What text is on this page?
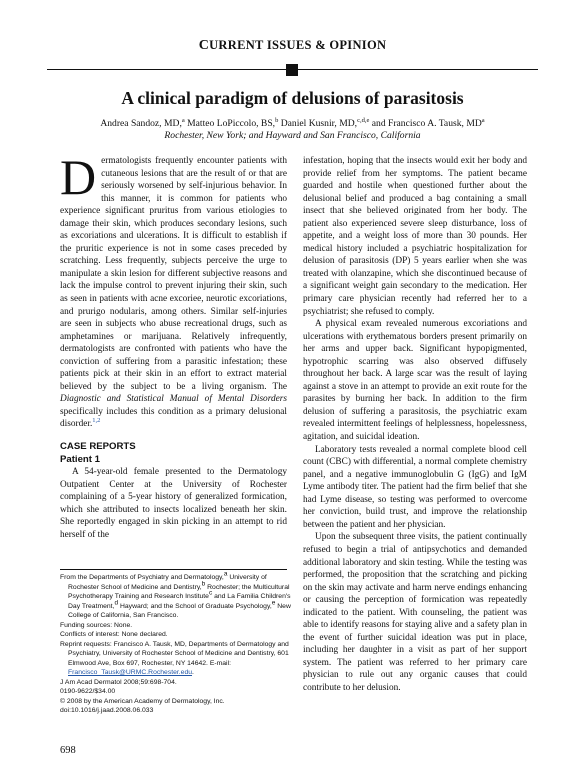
CURRENT ISSUES & OPINION
A clinical paradigm of delusions of parasitosis
Andrea Sandoz, MD,$^a$ Matteo LoPiccolo, BS,$^b$ Daniel Kusnir, MD,$^{c,d,e}$ and Francisco A. Tausk, $MD^a$
Rochester, New York; and Hayward and San Francisco, California

Dermatologists frequently encounter patients with cutaneous lesions that are the result of or that are seriously worsened by self-injurious behavior. In this manner, it is common for patients who experience significant pruritus from various etiologies to damage their skin, which produces secondary lesions, such as excoriations and ulcerations. It is difficult to establish if the pruritic experience is not in some cases preceded by scratching. Less frequently, subjects perceive the urge to manipulate a skin lesion for different subjective reasons and lack the impulse control to prevent injuring their skin, such as seen in patients with acne excoriee, neurotic excoriations, and prurigo nodularis, among others. Similar self-injuries are seen in subjects who abuse recreational drugs, such as amphetamines or marijuana. Relatively infrequently, dermatologists are confronted with patients who have the conviction of suffering from a parasitic infestation; these patients pick at their skin in an effort to extract material believed by the subject to be a living organism. The Diagnostic and Statistical Manual of Mental Disorders specifically includes this condition as a primary delusional disorder.$^{1,2}$

CASE REPORTS

Patient 1

A 54-year-old female presented to the Dermatology Outpatient Center at the University of Rochester complaining of a 5-year history of generalized formication, which she attributed to insects localized beneath her skin. She reportedly engaged in skin picking in an attempt to rid herself of the

infestation, hoping that the insects would exit her body and provide relief from her symptoms. The patient became guarded and hostile when questioned further about the delusional belief and produced a bag containing a small insect that she believed originated from her body. The patient also experienced severe sleep disturbance, loss of appetite, and a weight loss of more than 30 pounds. Her medical history included a psychiatric hospitalization for delusion of parasitosis (DP) 5 years earlier when she was treated with olanzapine, which she discontinued because of a significant weight gain secondary to the medication. Her primary care physician recently had referred her to a psychiatrist; she refused to comply.

A physical exam revealed numerous excoriations and ulcerations with erythematous borders present primarily on her arms and upper back. Significant hypopigmented, hypotrophic scarring was also observed diffusely throughout her back. A large scar was the result of laying against a stove in an attempt to provide an exit route for the parasites by burning her back. In addition to the firm delusion of suffering a parasitosis, the psychiatric exam revealed intermittent feelings of helplessness, hopelessness, agitation, and suicidal ideation.

Laboratory tests revealed a normal complete blood cell count (CBC) with differential, a normal complete chemistry panel, and a negative immunoglobulin G (IgG) and IgM Lyme antibody titer. The patient had the firm belief that she had Lyme disease, so testing was performed to overcome her conviction, build trust, and improve the relationship between the patient and her physician.

Upon the subsequent three visits, the patient continually refused to begin a trial of antipsychotics and demanded additional laboratory and skin testing. While the testing was performed, the proposition that the scratching and picking on the skin may activate and harm nerve endings enhancing or causing the perception of formication was repeatedly indicated to the patient. With counseling, the patient was able to identify reasons for staying alive and a safety plan in the event of further suicidal ideation was put in place, including her daughter in a visit as part of her support system. The patient was referred to her primary care physician to rule out any organic causes that could contribute to her delusion.

From the Departments of Psychiatry and Dermatology,$^a$ University of Rochester School of Medicine and Dentistry,$^b$ Rochester; the Multicultural Psychotherapy Training and Research Institute$^c$ and La Familia Children's Day Treatment,$^d$ Hayward; and the School of Graduate Psychology,$^e$ New College of California, San Francisco.
Funding sources: None.
Conflicts of interest: None declared.
Reprint requests: Francisco A. Tausk, MD, Departments of Dermatology and Psychiatry, University of Rochester School of Medicine and Dentistry, 601 Elmwood Ave, Box 697, Rochester, NY 14642. E-mail: Francisco_Tausk@URMC.Rochester.edu.
J Am Acad Dermatol 2008;59:698-704.
0190-9622/$34.00
© 2008 by the American Academy of Dermatology, Inc.
doi:10.1016/j.jaad.2008.06.033
698
